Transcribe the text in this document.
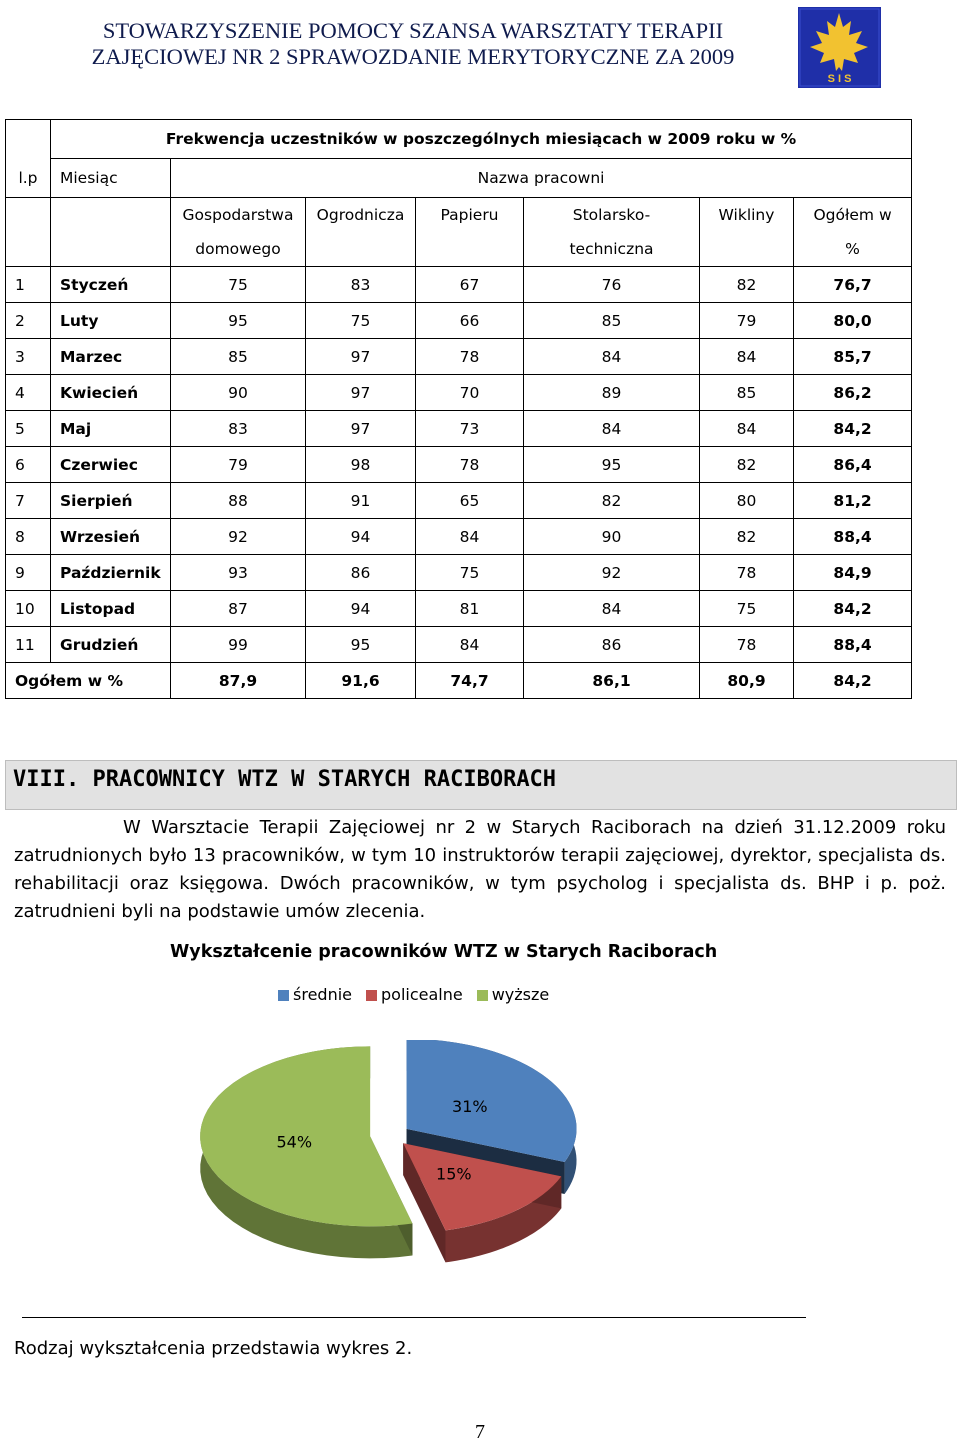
STOWARZYSZENIE POMOCY SZANSA WARSZTATY TERAPII
ZAJĘCIOWEJ NR 2 SPRAWOZDANIE MERYTORYCZNE ZA 2009
S I S
	Frekwencja uczestników w poszczególnych miesiącach w 2009 roku w %						
l.p	Miesiąc	Nazwa pracowni					
		Gospodarstwa	Ogrodnicza	Papieru	Stolarsko-	Wikliny	Ogółem w
		domowego			techniczna		%
1	Styczeń	75	83	67	76	82	76,7
2	Luty	95	75	66	85	79	80,0
3	Marzec	85	97	78	84	84	85,7
4	Kwiecień	90	97	70	89	85	86,2
5	Maj	83	97	73	84	84	84,2
6	Czerwiec	79	98	78	95	82	86,4
7	Sierpień	88	91	65	82	80	81,2
8	Wrzesień	92	94	84	90	82	88,4
9	Październik	93	86	75	92	78	84,9
10	Listopad	87	94	81	84	75	84,2
11	Grudzień	99	95	84	86	78	88,4
Ogółem w %		87,9	91,6	74,7	86,1	80,9	84,2
VIII. PRACOWNICY WTZ W STARYCH RACIBORACH
W Warsztacie Terapii Zajęciowej nr 2 w Starych Raciborach na dzień 31.12.2009 roku zatrudnionych było 13 pracowników, w tym 10 instruktorów terapii zajęciowej, dyrektor, specjalista ds. rehabilitacji oraz księgowa. Dwóch pracowników, w tym psycholog i specjalista ds. BHP i p. poż. zatrudnieni byli na podstawie umów zlecenia.
Wykształcenie pracowników WTZ w Starych Raciborach
średnie policealne wyższe
31%
15%
54%
Rodzaj wykształcenia przedstawia wykres 2.
7
